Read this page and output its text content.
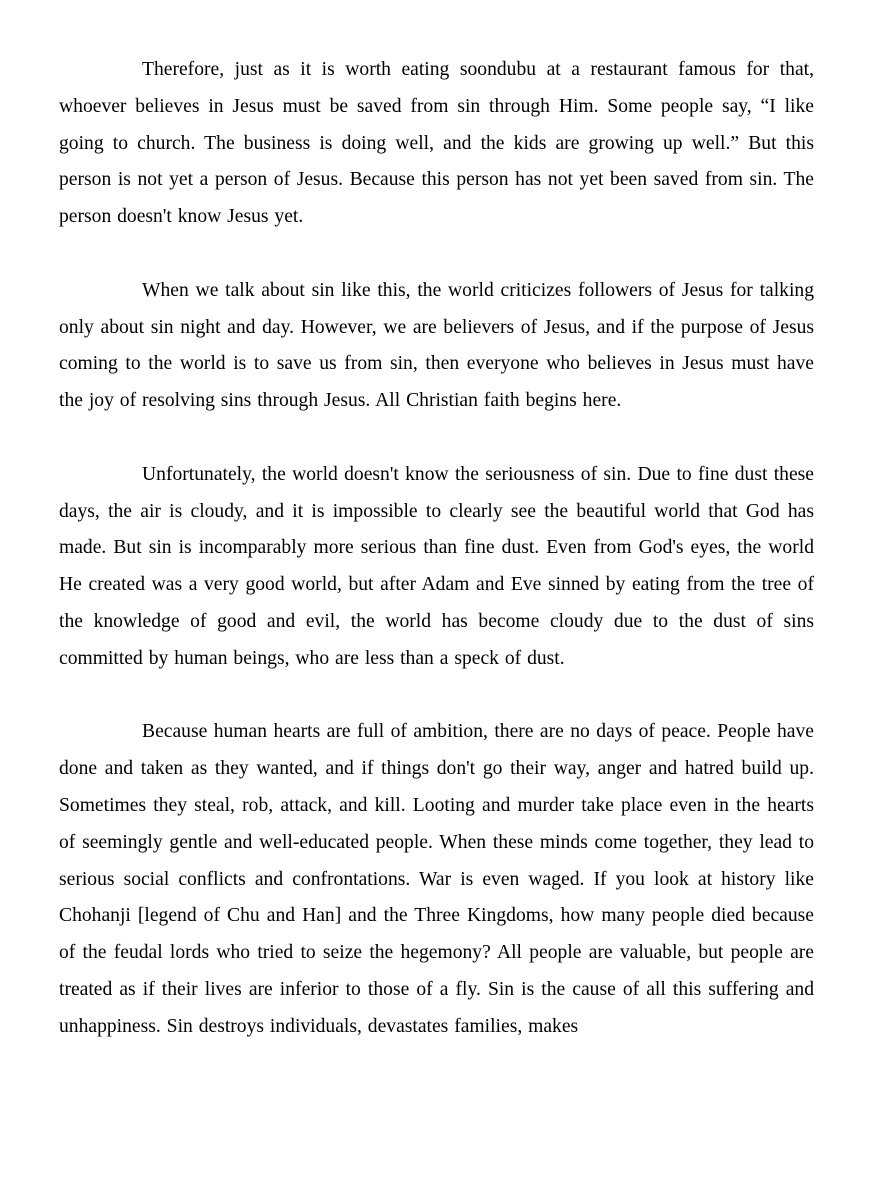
Therefore, just as it is worth eating soondubu at a restaurant famous for that, whoever believes in Jesus must be saved from sin through Him. Some people say, “I like going to church. The business is doing well, and the kids are growing up well.” But this person is not yet a person of Jesus. Because this person has not yet been saved from sin. The person doesn't know Jesus yet.

When we talk about sin like this, the world criticizes followers of Jesus for talking only about sin night and day. However, we are believers of Jesus, and if the purpose of Jesus coming to the world is to save us from sin, then everyone who believes in Jesus must have the joy of resolving sins through Jesus. All Christian faith begins here.

Unfortunately, the world doesn't know the seriousness of sin. Due to fine dust these days, the air is cloudy, and it is impossible to clearly see the beautiful world that God has made. But sin is incomparably more serious than fine dust. Even from God's eyes, the world He created was a very good world, but after Adam and Eve sinned by eating from the tree of the knowledge of good and evil, the world has become cloudy due to the dust of sins committed by human beings, who are less than a speck of dust.

Because human hearts are full of ambition, there are no days of peace. People have done and taken as they wanted, and if things don't go their way, anger and hatred build up. Sometimes they steal, rob, attack, and kill. Looting and murder take place even in the hearts of seemingly gentle and well-educated people. When these minds come together, they lead to serious social conflicts and confrontations. War is even waged. If you look at history like Chohanji [legend of Chu and Han] and the Three Kingdoms, how many people died because of the feudal lords who tried to seize the hegemony? All people are valuable, but people are treated as if their lives are inferior to those of a fly. Sin is the cause of all this suffering and unhappiness. Sin destroys individuals, devastates families, makes
